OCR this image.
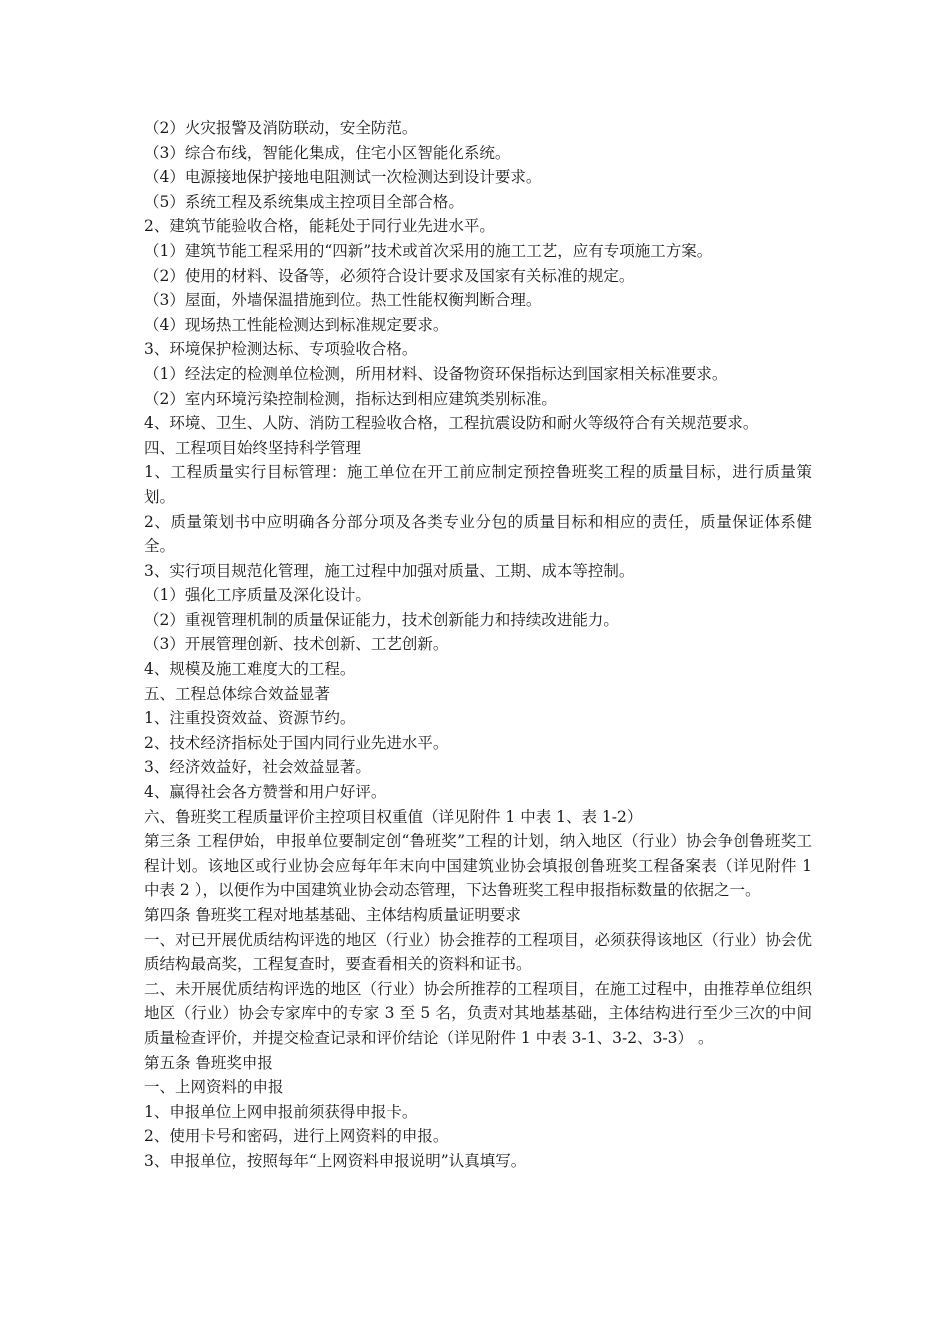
（2）火灾报警及消防联动，安全防范。
（3）综合布线，智能化集成，住宅小区智能化系统。
（4）电源接地保护接地电阻测试一次检测达到设计要求。
（5）系统工程及系统集成主控项目全部合格。
2、建筑节能验收合格，能耗处于同行业先进水平。
（1）建筑节能工程采用的“四新”技术或首次采用的施工工艺，应有专项施工方案。
（2）使用的材料、设备等，必须符合设计要求及国家有关标准的规定。
（3）屋面，外墙保温措施到位。热工性能权衡判断合理。
（4）现场热工性能检测达到标准规定要求。
3、环境保护检测达标、专项验收合格。
（1）经法定的检测单位检测，所用材料、设备物资环保指标达到国家相关标准要求。
（2）室内环境污染控制检测，指标达到相应建筑类别标准。
4、环境、卫生、人防、消防工程验收合格，工程抗震设防和耐火等级符合有关规范要求。
四、工程项目始终坚持科学管理

1、工程质量实行目标管理：施工单位在开工前应制定预控鲁班奖工程的质量目标，进行质量策划。

2、质量策划书中应明确各分部分项及各类专业分包的质量目标和相应的责任，质量保证体系健全。

3、实行项目规范化管理，施工过程中加强对质量、工期、成本等控制。
（1）强化工序质量及深化设计。
（2）重视管理机制的质量保证能力，技术创新能力和持续改进能力。
（3）开展管理创新、技术创新、工艺创新。
4、规模及施工难度大的工程。
五、工程总体综合效益显著
1、注重投资效益、资源节约。
2、技术经济指标处于国内同行业先进水平。
3、经济效益好，社会效益显著。
4、赢得社会各方赞誉和用户好评。
六、鲁班奖工程质量评价主控项目权重值（详见附件 1 中表 1、表 1-2）

第三条 工程伊始，申报单位要制定创“鲁班奖”工程的计划，纳入地区（行业）协会争创鲁班奖工程计划。该地区或行业协会应每年年末向中国建筑业协会填报创鲁班奖工程备案表（详见附件 1 中表 2 ），以便作为中国建筑业协会动态管理，下达鲁班奖工程申报指标数量的依据之一。

第四条 鲁班奖工程对地基基础、主体结构质量证明要求

一、对已开展优质结构评选的地区（行业）协会推荐的工程项目，必须获得该地区（行业）协会优质结构最高奖，工程复查时，要查看相关的资料和证书。

二、未开展优质结构评选的地区（行业）协会所推荐的工程项目，在施工过程中，由推荐单位组织地区（行业）协会专家库中的专家 3 至 5 名，负责对其地基基础，主体结构进行至少三次的中间质量检查评价，并提交检查记录和评价结论（详见附件 1 中表 3-1、3-2、3-3） 。

第五条 鲁班奖申报
一、上网资料的申报
1、申报单位上网申报前须获得申报卡。
2、使用卡号和密码，进行上网资料的申报。
3、申报单位，按照每年“上网资料申报说明”认真填写。
